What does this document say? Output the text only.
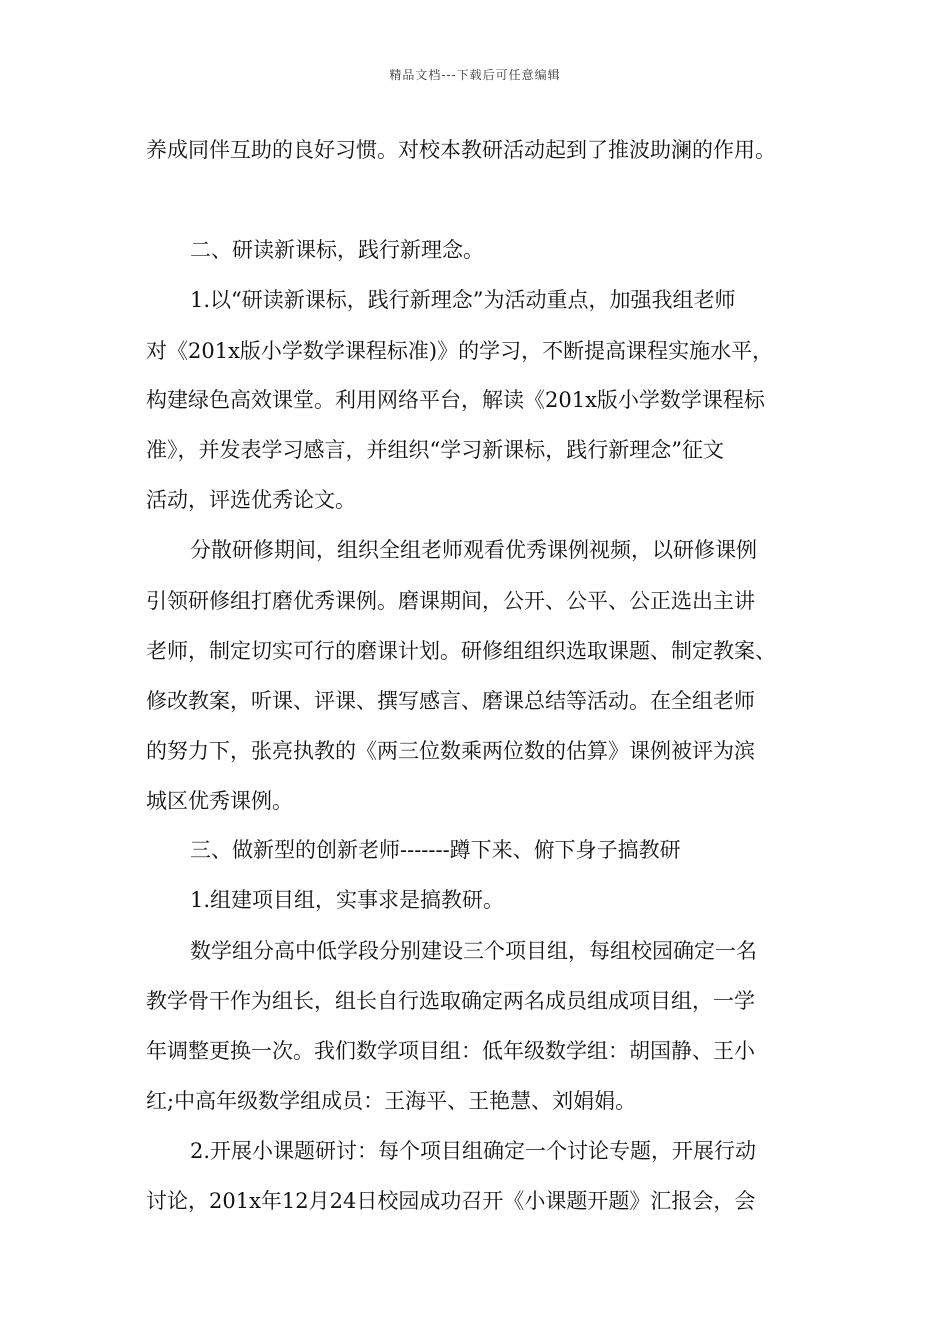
精品文档---下载后可任意编辑
养成同伴互助的良好习惯。对校本教研活动起到了推波助澜的作用。
二、研读新课标，践行新理念。
1.以“研读新课标，践行新理念”为活动重点，加强我组老师
对《201x版小学数学课程标准)》的学习，不断提高课程实施水平，
构建绿色高效课堂。利用网络平台，解读《201x版小学数学课程标
准》，并发表学习感言，并组织“学习新课标，践行新理念”征文
活动，评选优秀论文。
分散研修期间，组织全组老师观看优秀课例视频，以研修课例
引领研修组打磨优秀课例。磨课期间，公开、公平、公正选出主讲
老师，制定切实可行的磨课计划。研修组组织选取课题、制定教案、
修改教案，听课、评课、撰写感言、磨课总结等活动。在全组老师
的努力下，张亮执教的《两三位数乘两位数的估算》课例被评为滨
城区优秀课例。
三、做新型的创新老师-------蹲下来、俯下身子搞教研
1.组建项目组，实事求是搞教研。
数学组分高中低学段分别建设三个项目组，每组校园确定一名
教学骨干作为组长，组长自行选取确定两名成员组成项目组，一学
年调整更换一次。我们数学项目组：低年级数学组：胡国静、王小
红;中高年级数学组成员：王海平、王艳慧、刘娟娟。
2.开展小课题研讨：每个项目组确定一个讨论专题，开展行动
讨论，201x年12月24日校园成功召开《小课题开题》汇报会，会
